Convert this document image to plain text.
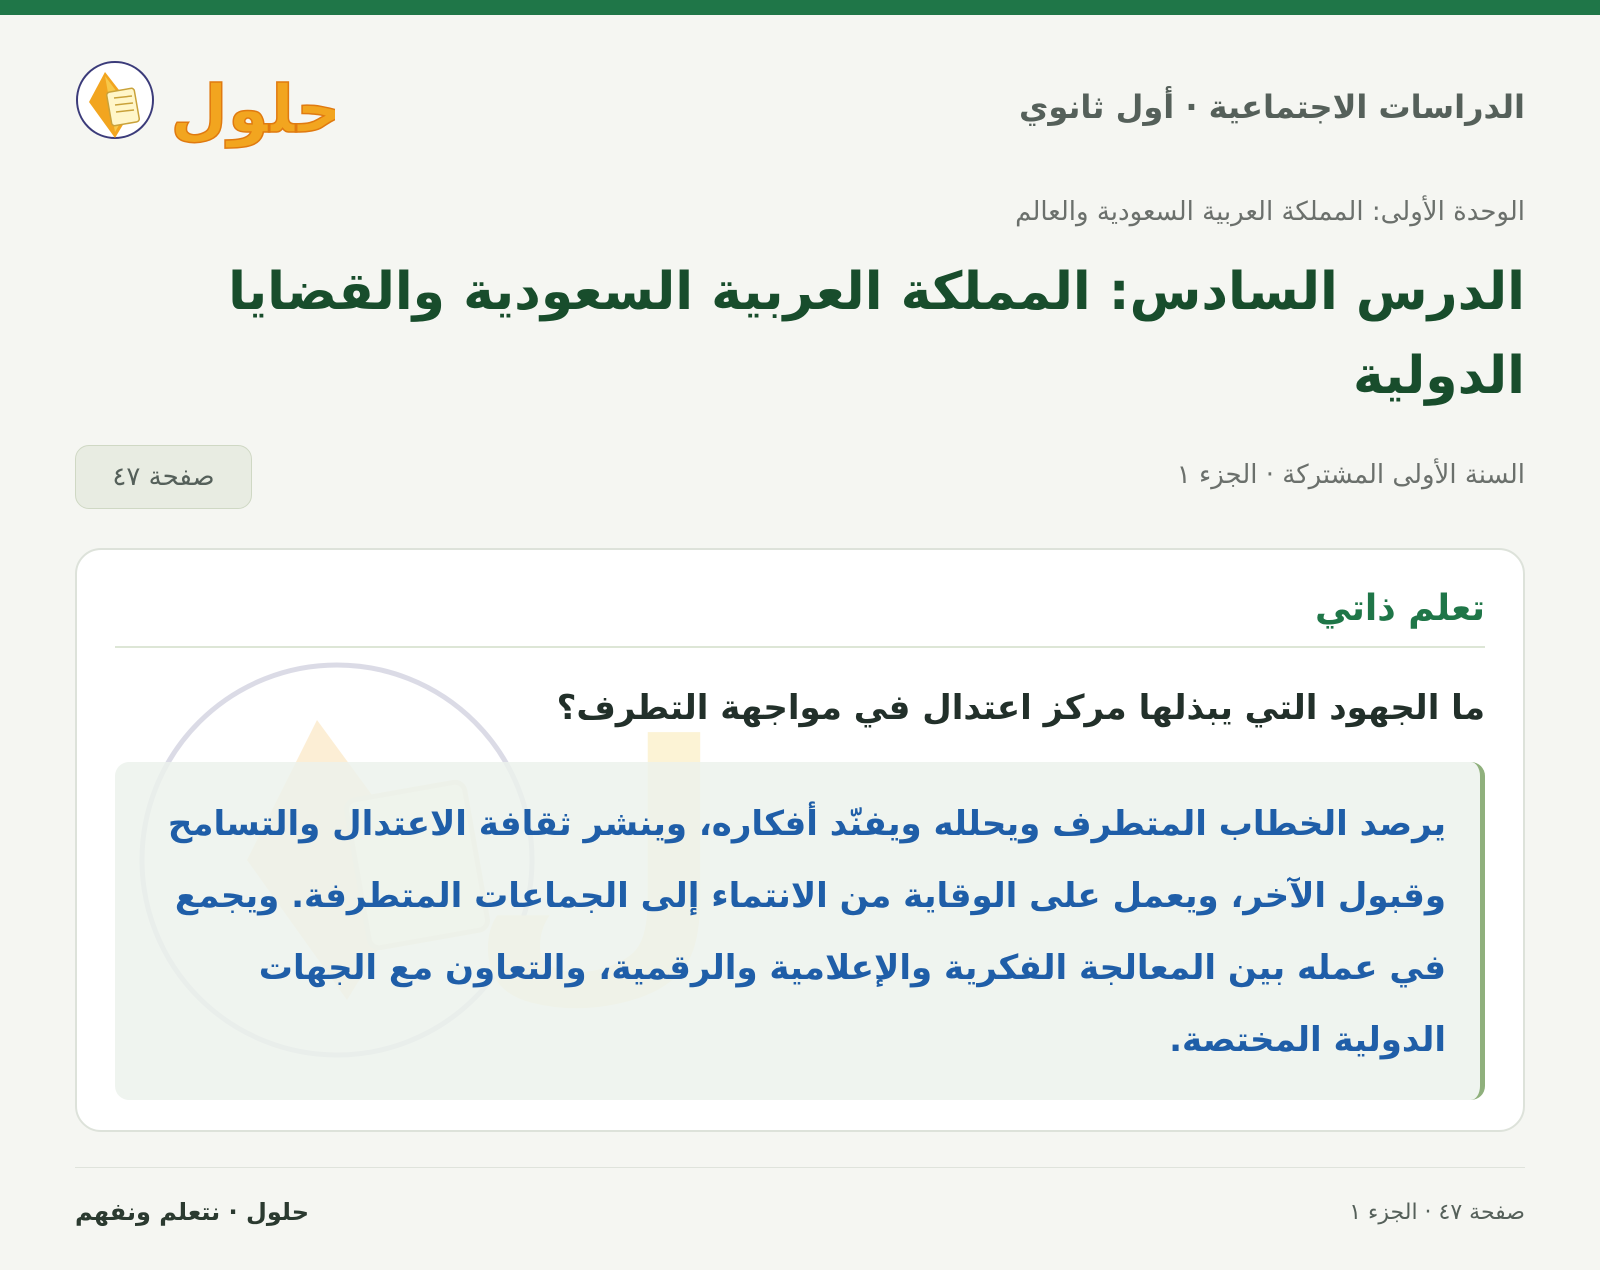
الدراسات الاجتماعية · أول ثانوي
حلول
الوحدة الأولى: المملكة العربية السعودية والعالم
الدرس السادس: المملكة العربية السعودية والقضايا الدولية
السنة الأولى المشتركة · الجزء ١
صفحة ٤٧
تعلم ذاتي
ما الجهود التي يبذلها مركز اعتدال في مواجهة التطرف؟

يرصد الخطاب المتطرف ويحلله ويفنّد أفكاره، وينشر ثقافة الاعتدال والتسامح وقبول الآخر، ويعمل على الوقاية من الانتماء إلى الجماعات المتطرفة. ويجمع في عمله بين المعالجة الفكرية والإعلامية والرقمية، والتعاون مع الجهات الدولية المختصة.

صفحة ٤٧ · الجزء ١
حلول · نتعلم ونفهم
